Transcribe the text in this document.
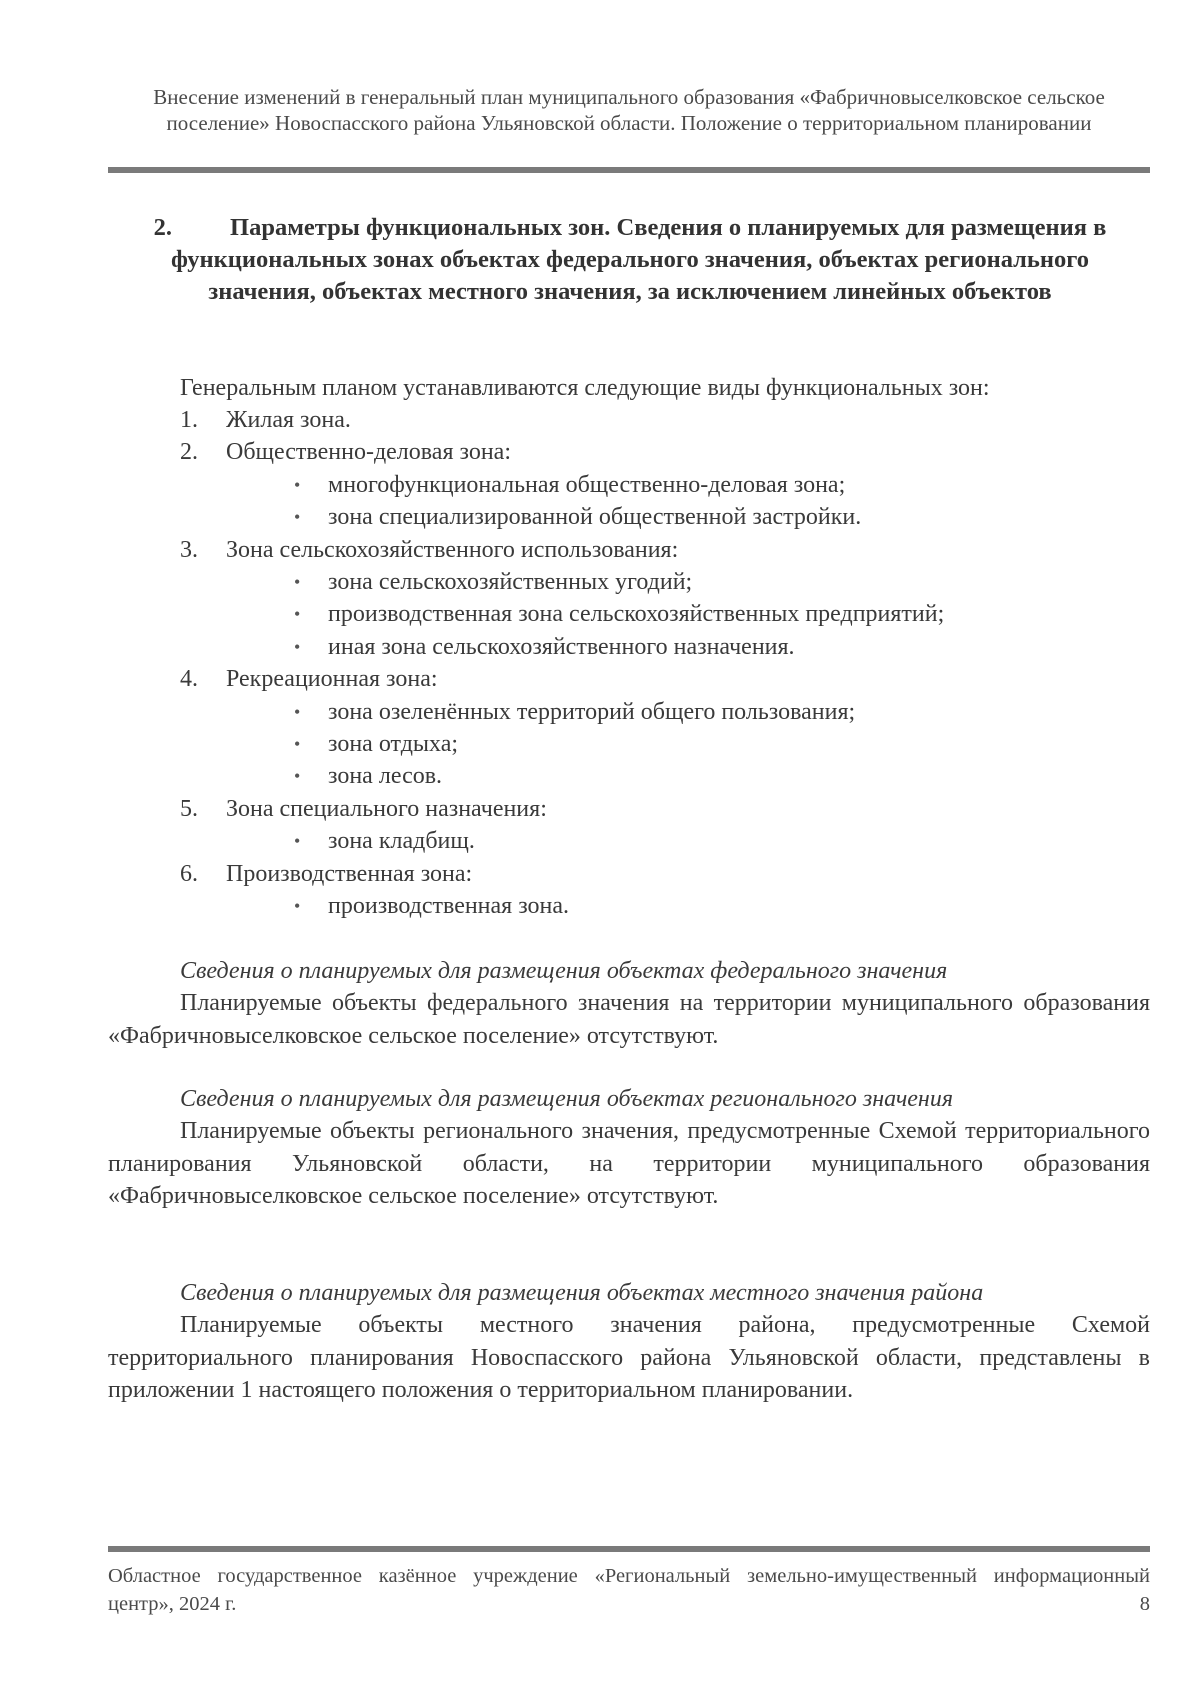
Внесение изменений в генеральный план муниципального образования «Фабричновыселковское сельское поселение» Новоспасского района Ульяновской области. Положение о территориальном планировании
2. Параметры функциональных зон. Сведения о планируемых для размещения в функциональных зонах объектах федерального значения, объектах регионального значения, объектах местного значения, за исключением линейных объектов
Генеральным планом устанавливаются следующие виды функциональных зон:
1. Жилая зона.
2. Общественно-деловая зона:
• многофункциональная общественно-деловая зона;
• зона специализированной общественной застройки.
3. Зона сельскохозяйственного использования:
• зона сельскохозяйственных угодий;
• производственная зона сельскохозяйственных предприятий;
• иная зона сельскохозяйственного назначения.
4. Рекреационная зона:
• зона озеленённых территорий общего пользования;
• зона отдыха;
• зона лесов.
5. Зона специального назначения:
• зона кладбищ.
6. Производственная зона:
• производственная зона.
Сведения о планируемых для размещения объектах федерального значения
Планируемые объекты федерального значения на территории муниципального образования «Фабричновыселковское сельское поселение» отсутствуют.
Сведения о планируемых для размещения объектах регионального значения
Планируемые объекты регионального значения, предусмотренные Схемой территориального планирования Ульяновской области, на территории муниципального образования «Фабричновыселковское сельское поселение» отсутствуют.
Сведения о планируемых для размещения объектах местного значения района
Планируемые объекты местного значения района, предусмотренные Схемой территориального планирования Новоспасского района Ульяновской области, представлены в приложении 1 настоящего положения о территориальном планировании.
Областное государственное казённое учреждение «Региональный земельно-имущественный информационный центр», 2024 г.	8
